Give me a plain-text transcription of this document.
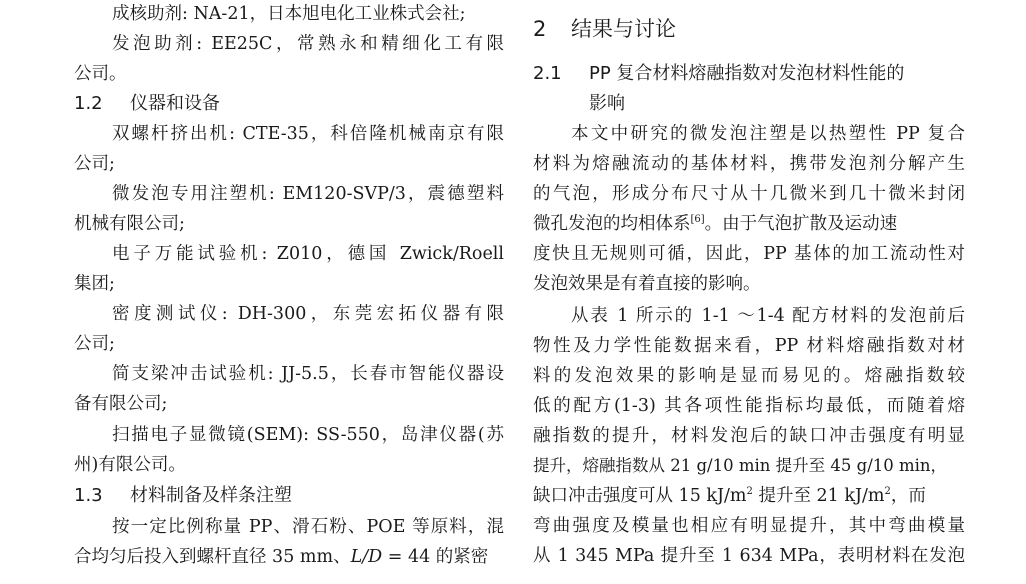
成核助剂: NA-21，日本旭电化工业株式会社;
发泡助剂: EE25C，常熟永和精细化工有限
公司。
1.2 仪器和设备
双螺杆挤出机: CTE-35，科倍隆机械南京有限
公司;
微发泡专用注塑机: EM120-SVP/3，震德塑料
机械有限公司;
电子万能试验机: Z010，德国 Zwick/Roell
集团;
密度测试仪: DH-300，东莞宏拓仪器有限
公司;
简支梁冲击试验机: JJ-5.5，长春市智能仪器设
备有限公司;
扫描电子显微镜(SEM): SS-550，岛津仪器(苏
州)有限公司。
1.3 材料制备及样条注塑
按一定比例称量 PP、滑石粉、POE 等原料，混
合均匀后投入到螺杆直径 35 mm、L/D = 44 的紧密
2 结果与讨论
2.1 PP 复合材料熔融指数对发泡材料性能的
影响
本文中研究的微发泡注塑是以热塑性 PP 复合
材料为熔融流动的基体材料，携带发泡剂分解产生
的气泡，形成分布尺寸从十几微米到几十微米封闭
微孔发泡的均相体系[6]。由于气泡扩散及运动速
度快且无规则可循，因此，PP 基体的加工流动性对
发泡效果是有着直接的影响。
从表 1 所示的 1-1 ～1-4 配方材料的发泡前后
物性及力学性能数据来看，PP 材料熔融指数对材
料的发泡效果的影响是显而易见的。熔融指数较
低的配方(1-3) 其各项性能指标均最低，而随着熔
融指数的提升，材料发泡后的缺口冲击强度有明显
提升，熔融指数从 21 g/10 min 提升至 45 g/10 min，
缺口冲击强度可从 15 $kJ/m^2$ 提升至 21 $kJ/m^2$，而
弯曲强度及模量也相应有明显提升，其中弯曲模量
从 1 345 MPa 提升至 1 634 MPa，表明材料在发泡
